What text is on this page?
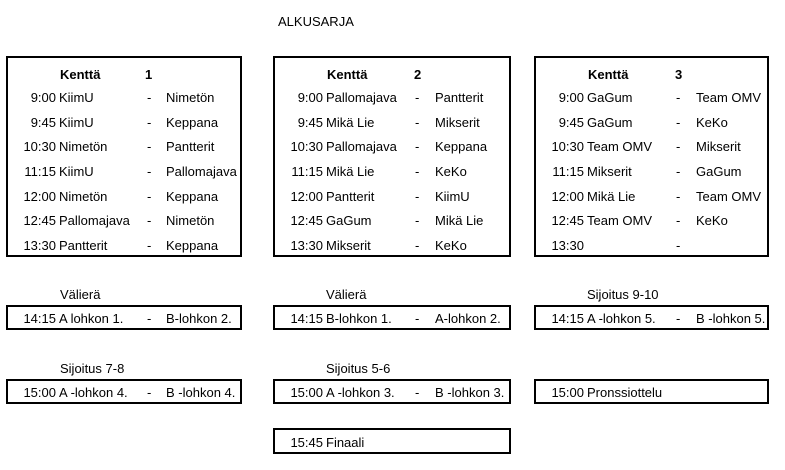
ALKUSARJA
Kenttä	1
9:00 KiimU	- Nimetön
9:45 KiimU	- Keppana
10:30 Nimetön	- Pantterit
11:15 KiimU	- Pallomajava
12:00 Nimetön	- Keppana
12:45 Pallomajava - Nimetön
13:30 Pantterit	- Keppana
Kenttä	2
9:00 Pallomajava - Pantterit
9:45 Mikä Lie	- Mikserit
10:30 Pallomajava - Keppana
11:15 Mikä Lie	- KeKo
12:00 Pantterit	- KiimU
12:45 GaGum	- Mikä Lie
13:30 Mikserit	- KeKo
Kenttä	3
9:00 GaGum	- Team OMV
9:45 GaGum	- KeKo
10:30 Team OMV - Mikserit
11:15 Mikserit	- GaGum
12:00 Mikä Lie	- Team OMV
12:45 Team OMV - KeKo
13:30	-
Välierä
14:15 A lohkon 1. - B-lohkon 2.
Välierä
14:15 B-lohkon 1. - A-lohkon 2.
Sijoitus 9-10
14:15 A -lohkon 5. - B -lohkon 5.
Sijoitus 7-8
15:00 A -lohkon 4. - B -lohkon 4.
Sijoitus 5-6
15:00 A -lohkon 3. - B -lohkon 3.	15:00 Pronssiottelu
15:45 Finaali
